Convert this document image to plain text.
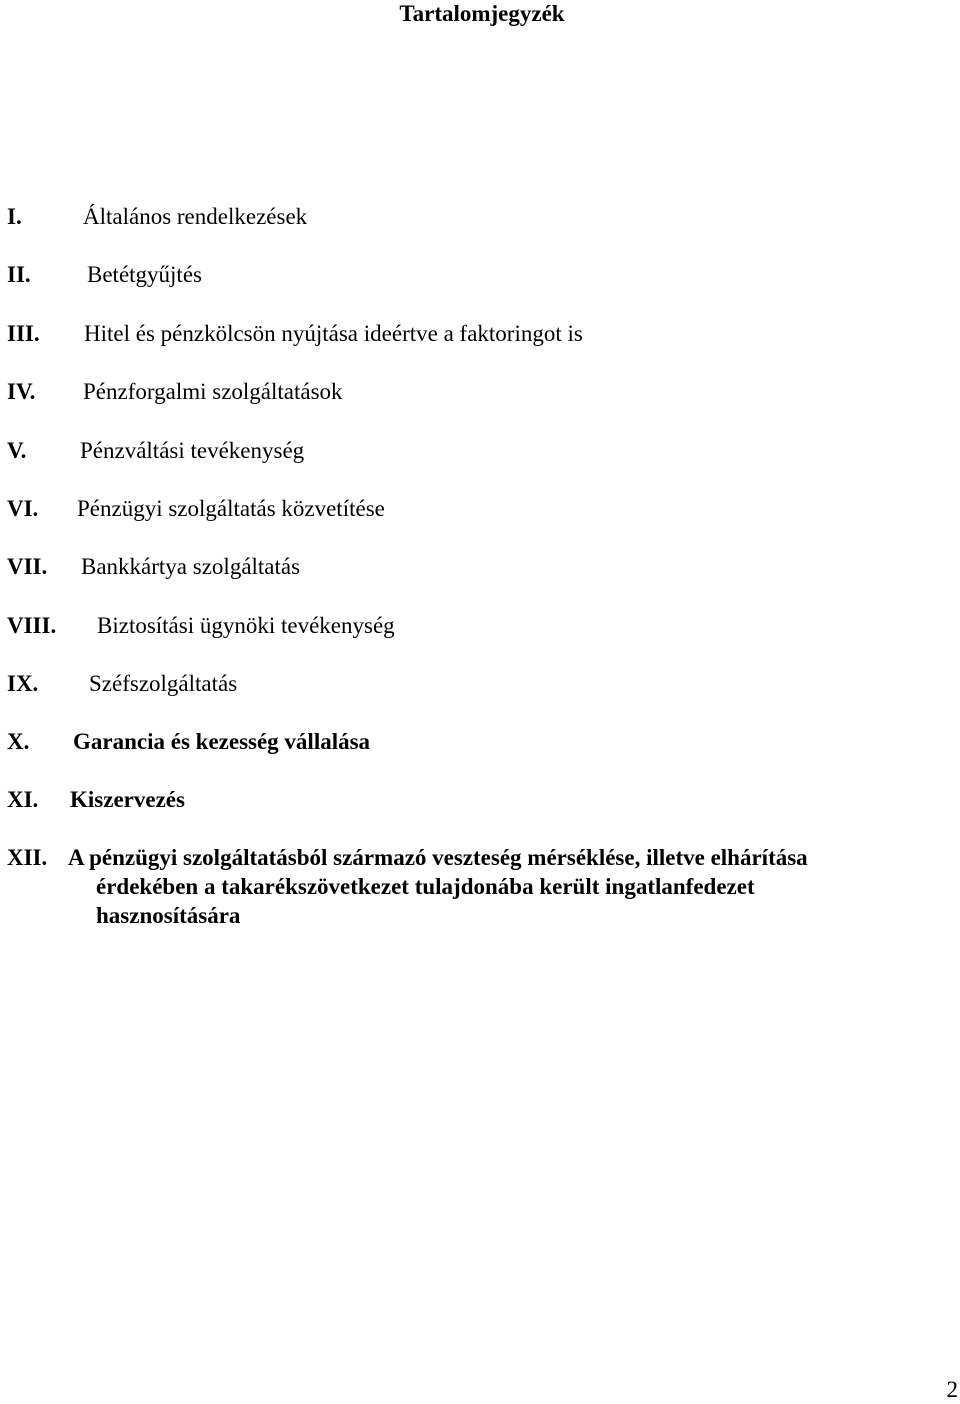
Tartalomjegyzék
I.	Általános rendelkezések
II. Betétgyűjtés
III. Hitel és pénzkölcsön nyújtása ideértve a faktoringot is
IV. Pénzforgalmi szolgáltatások
V. Pénzváltási tevékenység
VI. Pénzügyi szolgáltatás közvetítése
VII. Bankkártya szolgáltatás
VIII. Biztosítási ügynöki tevékenység
IX. Széfszolgáltatás
X. Garancia és kezesség vállalása
XI. Kiszervezés
XII. A pénzügyi szolgáltatásból származó veszteség mérséklése, illetve elhárítása
érdekében a takarékszövetkezet tulajdonába került ingatlanfedezet
hasznosítására
2
